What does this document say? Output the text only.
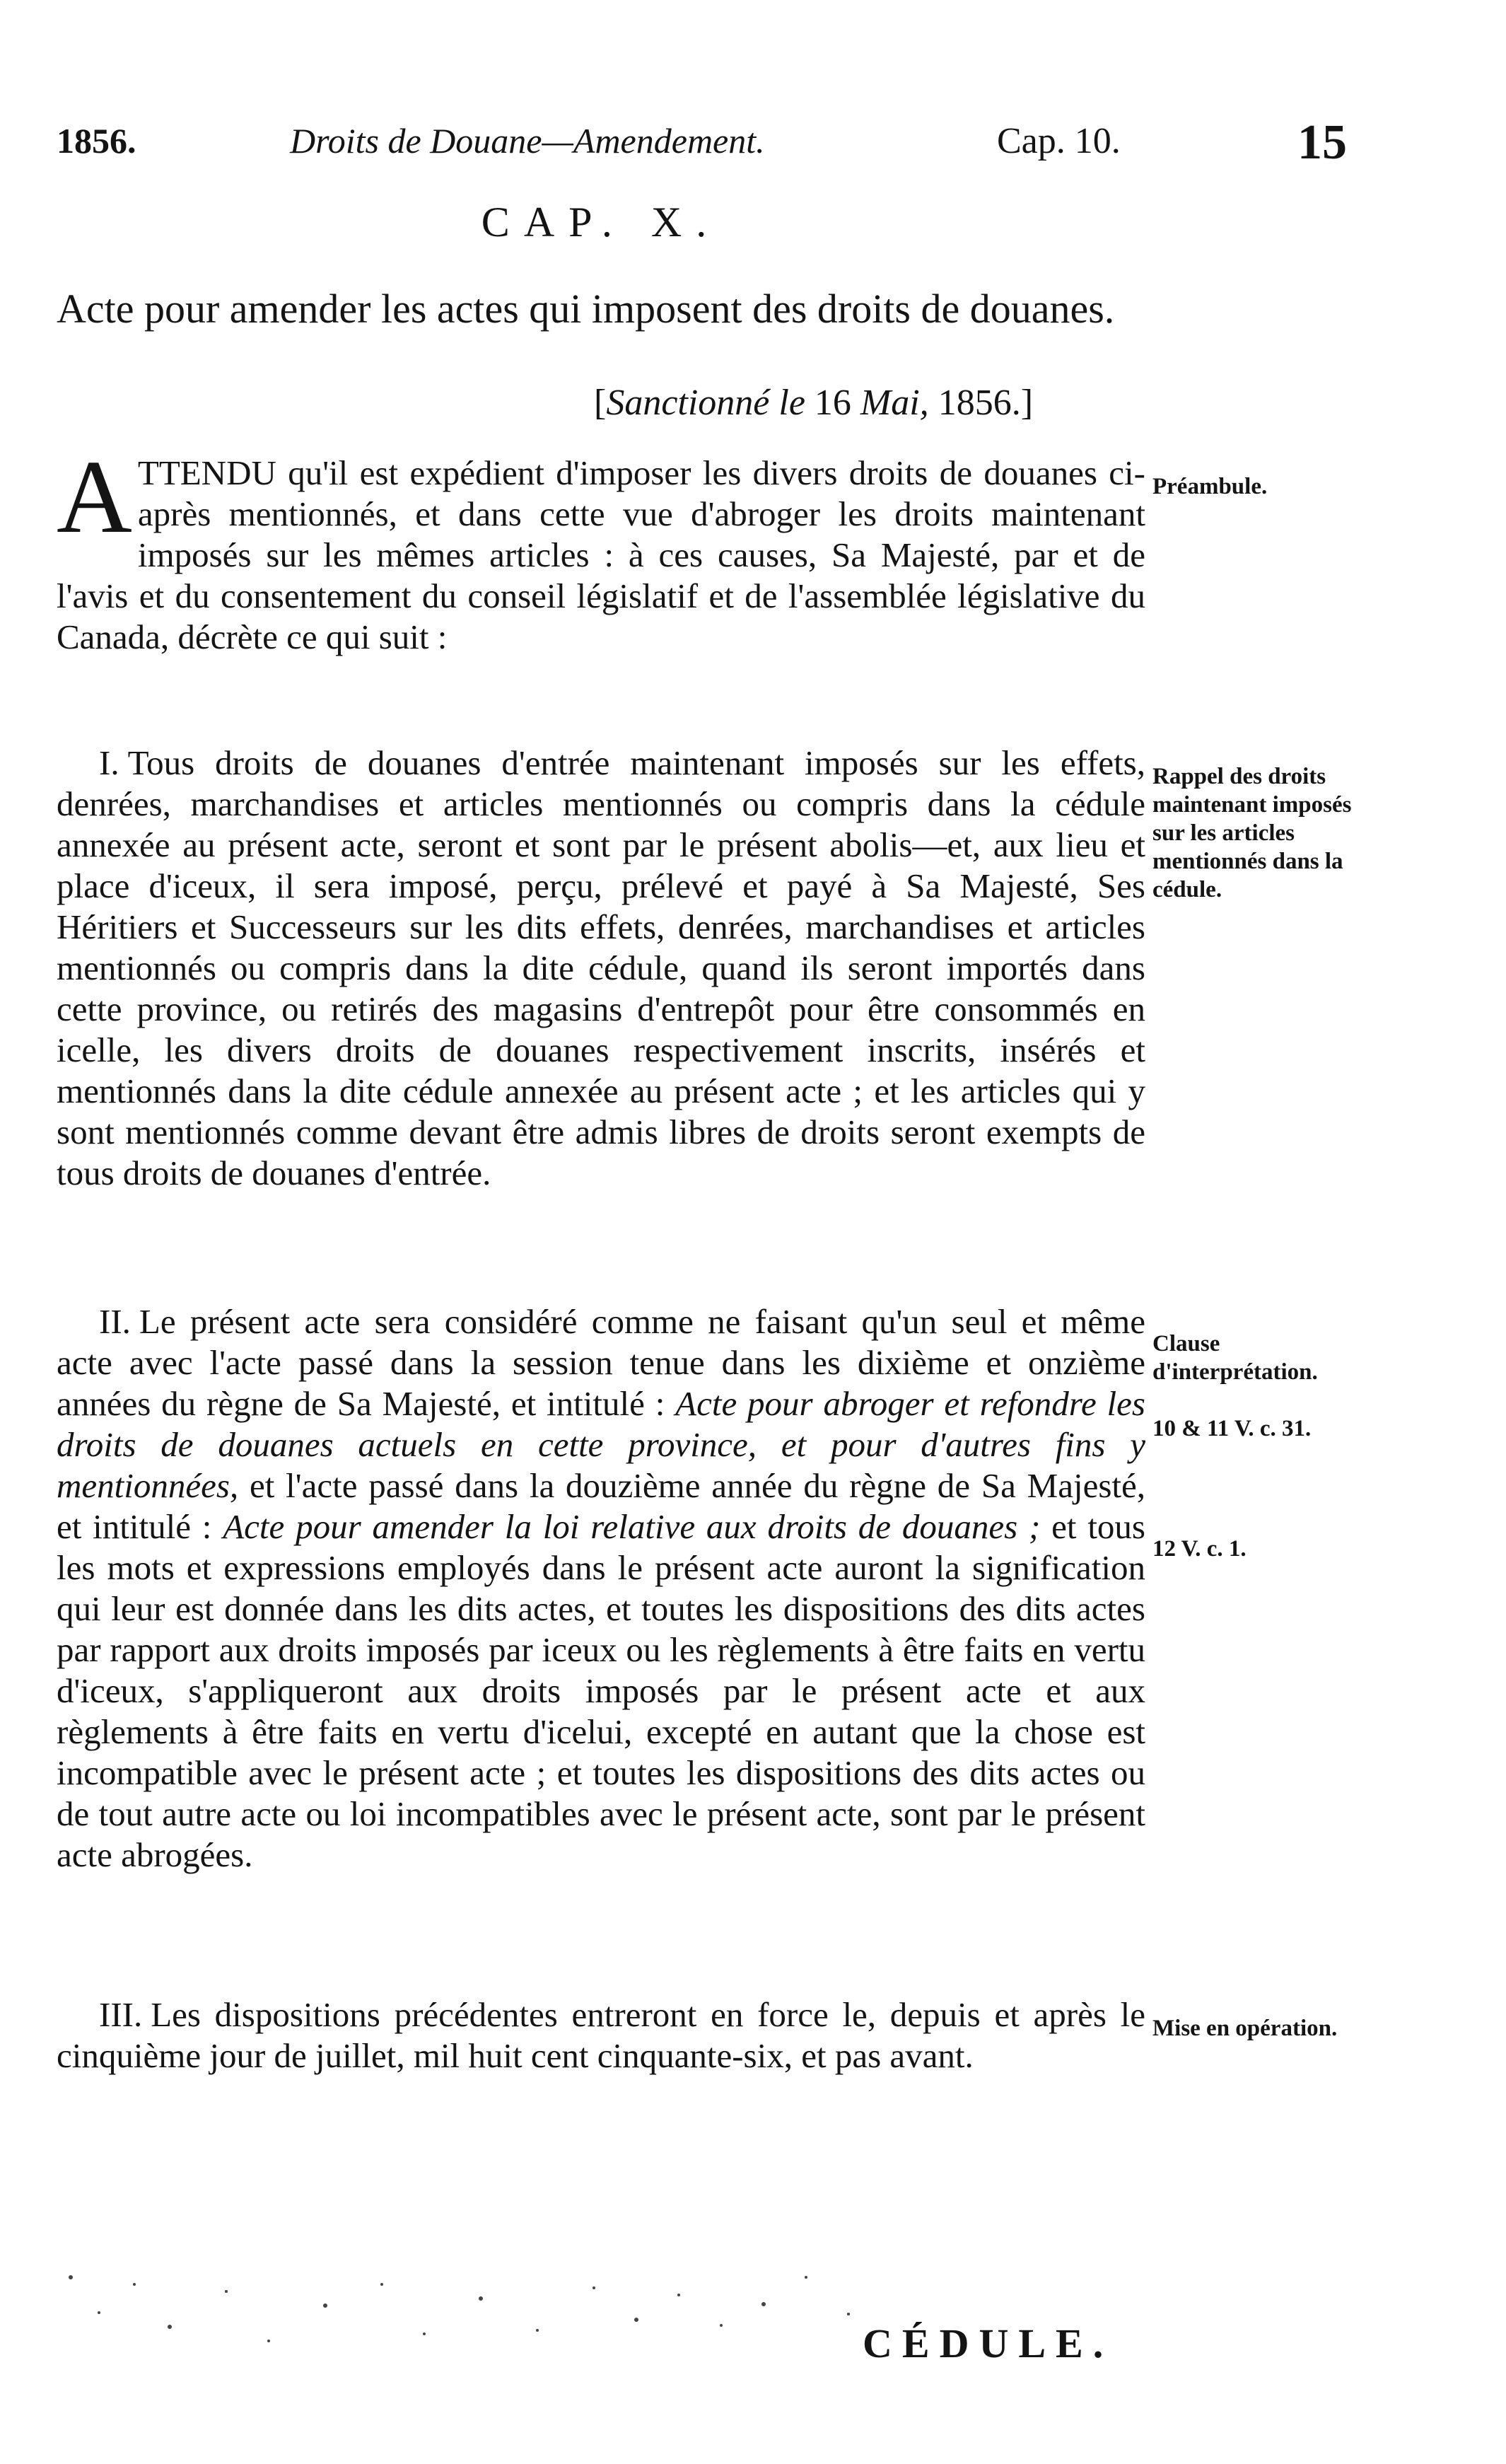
1856.	Droits de Douane—Amendement.	Cap. 10.	15
CAP. X.
Acte pour amender les actes qui imposent des droits de douanes.
[Sanctionné le 16 Mai, 1856.]
ATTENDU qu'il est expédient d'imposer les divers droits de douanes ci-après mentionnés, et dans cette vue d'abroger les droits maintenant imposés sur les mêmes articles : à ces causes, Sa Majesté, par et de l'avis et du consentement du conseil législatif et de l'assemblée législative du Canada, décrète ce qui suit :
Préambule.
I. Tous droits de douanes d'entrée maintenant imposés sur les effets, denrées, marchandises et articles mentionnés ou compris dans la cédule annexée au présent acte, seront et sont par le présent abolis—et, aux lieu et place d'iceux, il sera imposé, perçu, prélevé et payé à Sa Majesté, Ses Héritiers et Successeurs sur les dits effets, denrées, marchandises et articles mentionnés ou compris dans la dite cédule, quand ils seront importés dans cette province, ou retirés des magasins d'entrepôt pour être consommés en icelle, les divers droits de douanes respectivement inscrits, insérés et mentionnés dans la dite cédule annexée au présent acte ; et les articles qui y sont mentionnés comme devant être admis libres de droits seront exempts de tous droits de douanes d'entrée.
Rappel des droits maintenant imposés sur les articles mentionnés dans la cédule.
II. Le présent acte sera considéré comme ne faisant qu'un seul et même acte avec l'acte passé dans la session tenue dans les dixième et onzième années du règne de Sa Majesté, et intitulé : Acte pour abroger et refondre les droits de douanes actuels en cette province, et pour d'autres fins y mentionnées, et l'acte passé dans la douzième année du règne de Sa Majesté, et intitulé : Acte pour amender la loi relative aux droits de douanes ; et tous les mots et expressions employés dans le présent acte auront la signification qui leur est donnée dans les dits actes, et toutes les dispositions des dits actes par rapport aux droits imposés par iceux ou les règlements à être faits en vertu d'iceux, s'appliqueront aux droits imposés par le présent acte et aux règlements à être faits en vertu d'icelui, excepté en autant que la chose est incompatible avec le présent acte ; et toutes les dispositions des dits actes ou de tout autre acte ou loi incompatibles avec le présent acte, sont par le présent acte abrogées.
Clause d'interprétation.
10 & 11 V. c. 31.
12 V. c. 1.
III. Les dispositions précédentes entreront en force le, depuis et après le cinquième jour de juillet, mil huit cent cinquante-six, et pas avant.
Mise en opération.
CÉDULE.
